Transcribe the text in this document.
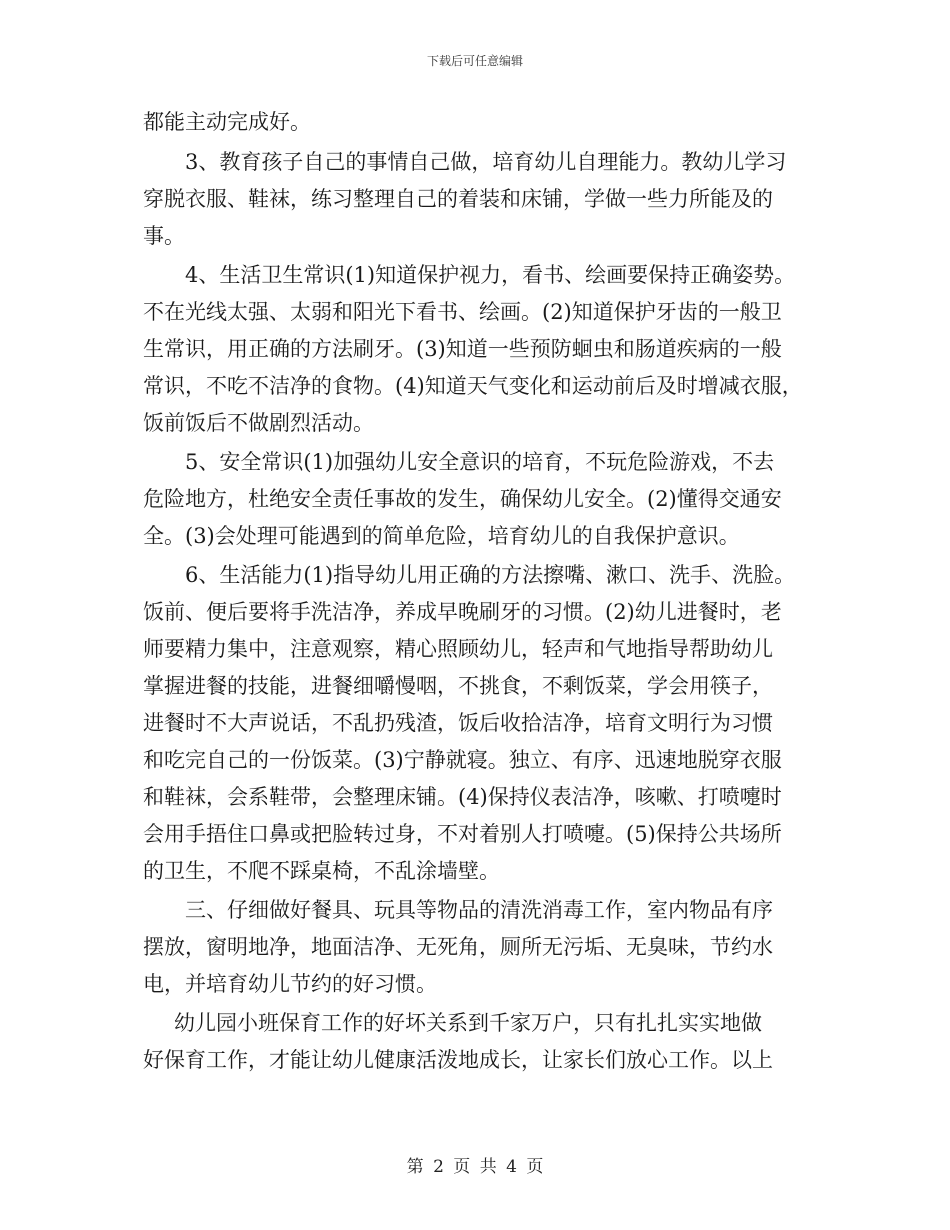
下载后可任意编辑
都能主动完成好。
3、教育孩子自己的事情自己做，培育幼儿自理能力。教幼儿学习
穿脱衣服、鞋袜，练习整理自己的着装和床铺，学做一些力所能及的
事。
4、生活卫生常识(1)知道保护视力，看书、绘画要保持正确姿势。
不在光线太强、太弱和阳光下看书、绘画。(2)知道保护牙齿的一般卫
生常识，用正确的方法刷牙。(3)知道一些预防蛔虫和肠道疾病的一般
常识，不吃不洁净的食物。(4)知道天气变化和运动前后及时增减衣服，
饭前饭后不做剧烈活动。
5、安全常识(1)加强幼儿安全意识的培育，不玩危险游戏，不去
危险地方，杜绝安全责任事故的发生，确保幼儿安全。(2)懂得交通安
全。(3)会处理可能遇到的简单危险，培育幼儿的自我保护意识。
6、生活能力(1)指导幼儿用正确的方法擦嘴、漱口、洗手、洗脸。
饭前、便后要将手洗洁净，养成早晚刷牙的习惯。(2)幼儿进餐时，老
师要精力集中，注意观察，精心照顾幼儿，轻声和气地指导帮助幼儿
掌握进餐的技能，进餐细嚼慢咽，不挑食，不剩饭菜，学会用筷子，
进餐时不大声说话，不乱扔残渣，饭后收拾洁净，培育文明行为习惯
和吃完自己的一份饭菜。(3)宁静就寝。独立、有序、迅速地脱穿衣服
和鞋袜，会系鞋带，会整理床铺。(4)保持仪表洁净，咳嗽、打喷嚏时
会用手捂住口鼻或把脸转过身，不对着别人打喷嚏。(5)保持公共场所
的卫生，不爬不踩桌椅，不乱涂墙壁。
三、仔细做好餐具、玩具等物品的清洗消毒工作，室内物品有序
摆放，窗明地净，地面洁净、无死角，厕所无污垢、无臭味，节约水
电，并培育幼儿节约的好习惯。
幼儿园小班保育工作的好坏关系到千家万户，只有扎扎实实地做
好保育工作，才能让幼儿健康活泼地成长，让家长们放心工作。以上
第 2 页 共 4 页
